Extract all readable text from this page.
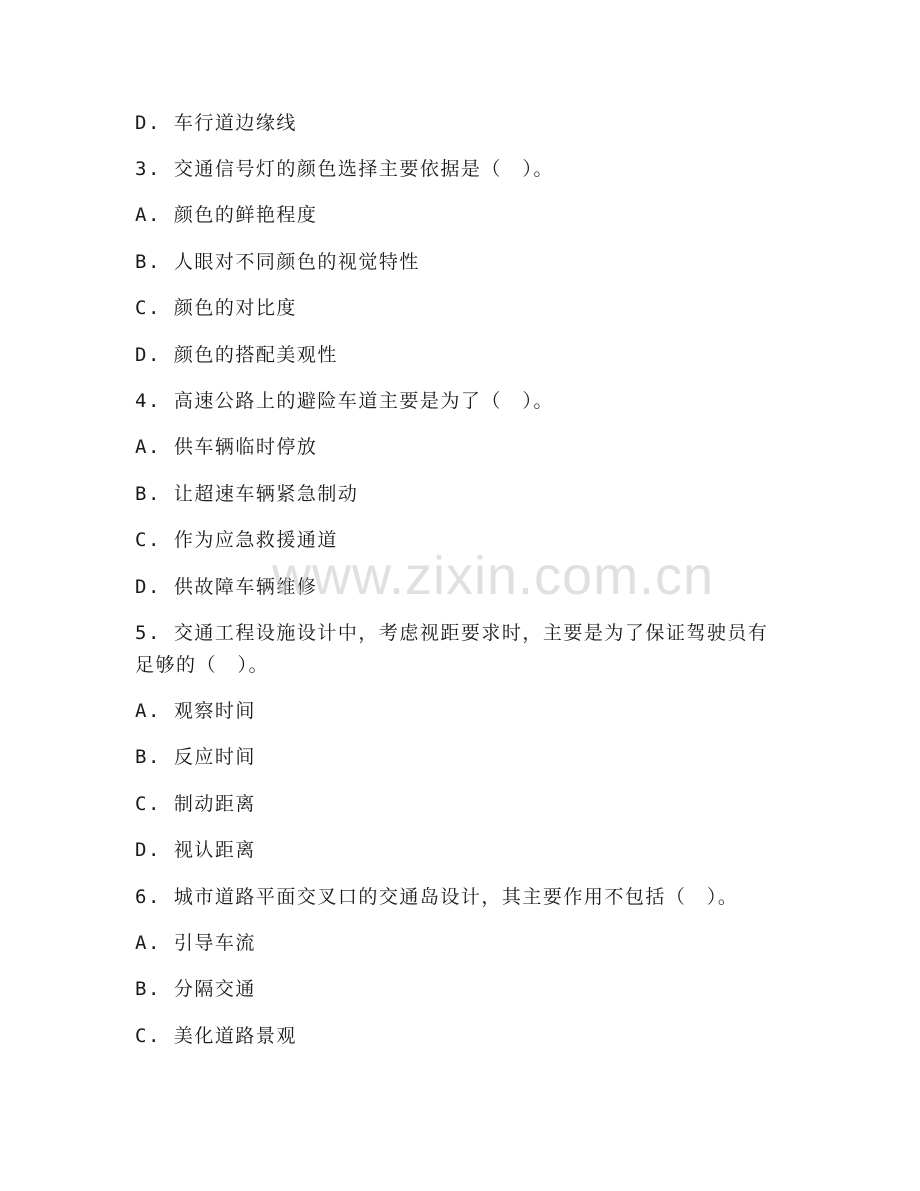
D. 车行道边缘线
3. 交通信号灯的颜色选择主要依据是（　）。
A. 颜色的鲜艳程度
B. 人眼对不同颜色的视觉特性
C. 颜色的对比度
D. 颜色的搭配美观性
4. 高速公路上的避险车道主要是为了（　）。
A. 供车辆临时停放
B. 让超速车辆紧急制动
C. 作为应急救援通道
D. 供故障车辆维修
5. 交通工程设施设计中，考虑视距要求时，主要是为了保证驾驶员有
足够的（　）。
A. 观察时间
B. 反应时间
C. 制动距离
D. 视认距离
6. 城市道路平面交叉口的交通岛设计，其主要作用不包括（　）。
A. 引导车流
B. 分隔交通
C. 美化道路景观
www.zixin.com.cn
